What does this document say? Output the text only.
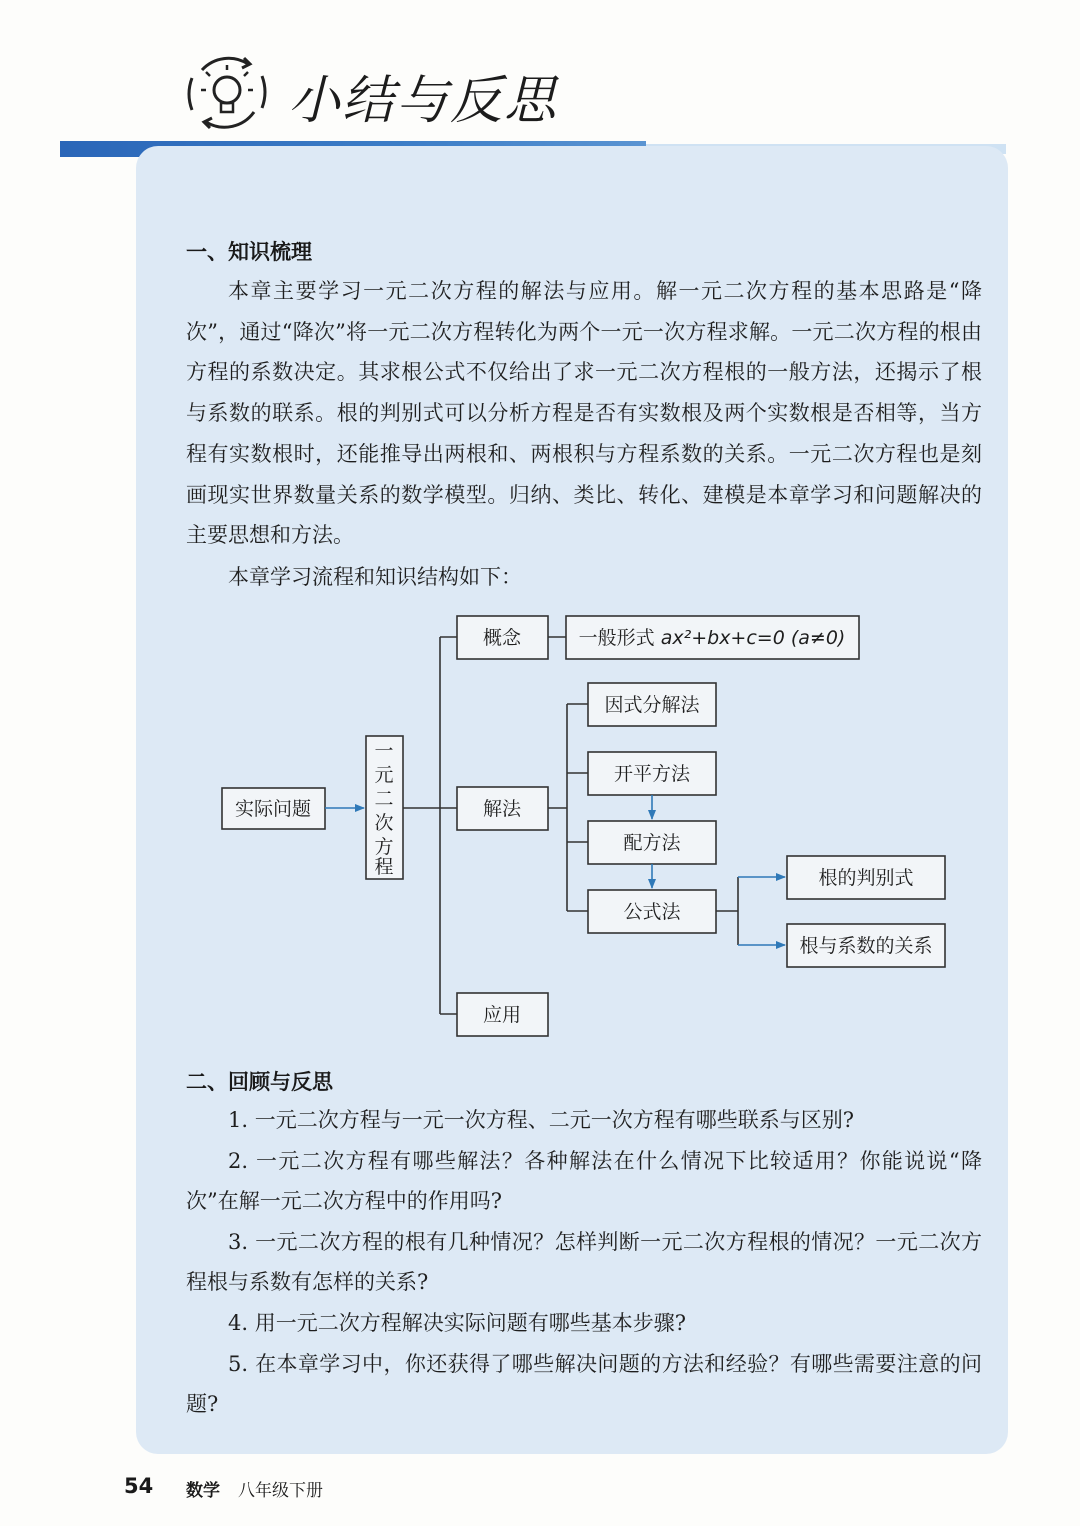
小结与反思
一、知识梳理

本章主要学习一元二次方程的解法与应用。解一元二次方程的基本思路是“降次”，通过“降次”将一元二次方程转化为两个一元一次方程求解。一元二次方程的根由方程的系数决定。其求根公式不仅给出了求一元二次方程根的一般方法，还揭示了根与系数的联系。根的判别式可以分析方程是否有实数根及两个实数根是否相等，当方程有实数根时，还能推导出两根和、两根积与方程系数的关系。一元二次方程也是刻画现实世界数量关系的数学模型。归纳、类比、转化、建模是本章学习和问题解决的主要思想和方法。

本章学习流程和知识结构如下：

实际问题
一
元
二
次
方
程
概念	一般形式 ax²+bx+c=0 (a≠0)
解法
因式分解法
开平方法
配方法
公式法
根的判别式
根与系数的关系
应用
二、回顾与反思

1. 一元二次方程与一元一次方程、二元一次方程有哪些联系与区别?

2. 一元二次方程有哪些解法？各种解法在什么情况下比较适用？你能说说“降次”在解一元二次方程中的作用吗?

3. 一元二次方程的根有几种情况？怎样判断一元二次方程根的情况？一元二次方程根与系数有怎样的关系?

4. 用一元二次方程解决实际问题有哪些基本步骤?

5. 在本章学习中，你还获得了哪些解决问题的方法和经验？有哪些需要注意的问题?

54 数学 八年级下册
